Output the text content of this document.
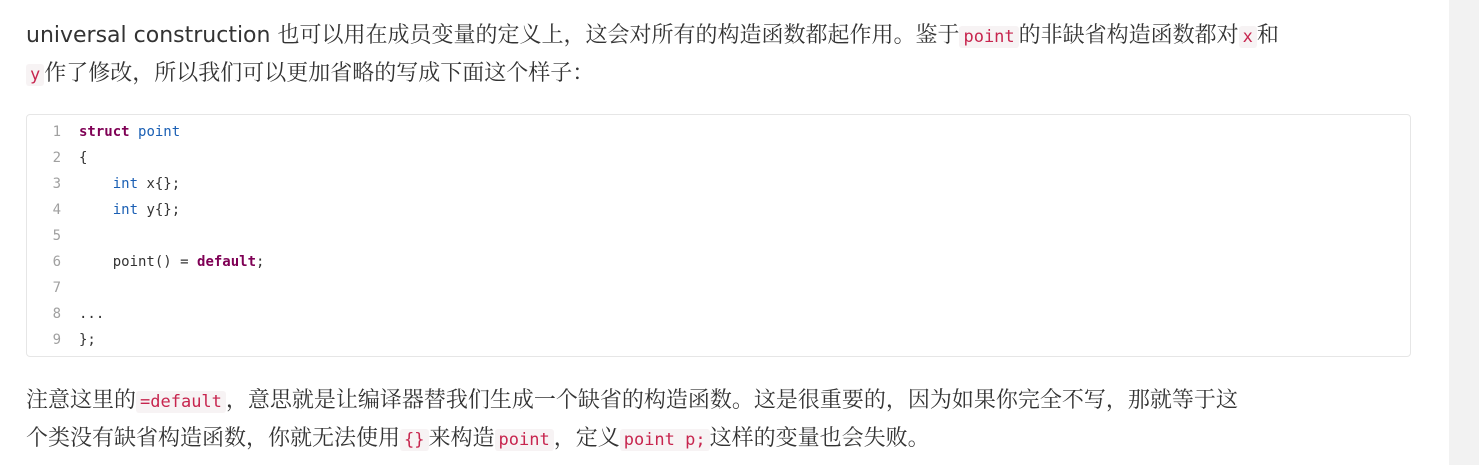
universal construction 也可以用在成员变量的定义上，这会对所有的构造函数都起作用。鉴于 point 的非缺省构造函数都对 x 和
y 作了修改，所以我们可以更加省略的写成下面这个样子：
1 struct point
2 {
3	int x{};
4	int y{};
5
6    point() = default;
7
8 ...
9 };
注意这里的 =default ，意思就是让编译器替我们生成一个缺省的构造函数。这是很重要的，因为如果你完全不写，那就等于这
个类没有缺省构造函数，你就无法使用 {} 来构造 point ，定义 point p; 这样的变量也会失败。
